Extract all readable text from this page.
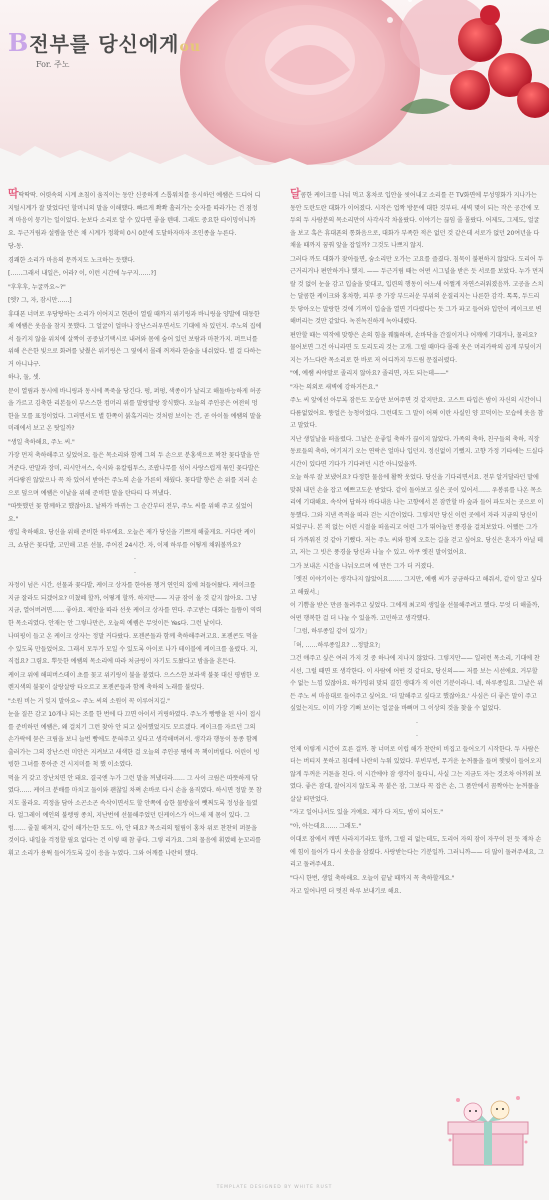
B전부를 당신에게ou
For. 주노

딱딱딱딱. 어렷속의 시계 초침이 움직이는 동안 신중하게 스톱워치를 응시하던 예쌤은 드디어 디지털시계가 잘 맞었다던 할머니의 말을 이해했다. 빠르게 쫙쫙 흘러가는 숫자를 따라가는 건 점정적 마음이 뭉기는 일이었다. 눈보다 소리로 알 수 있다면 좋을 텐데. 그래도 중요한 타이밍이니까요. 두근거림과 설렘을 안은 채 시계가 정확히 0시 0분에 도달하자마자 조인종을 누른다.

당-동.

경쾌한 소리가 마음의 문까지도 노크하는 듯했다.

[……그래서 내일은, 어라? 이, 이런 시간에 누구지……?]

"후후후, 누굴까요~?"

[엣? 그, 자, 잠시만……]

휴대폰 너머로 우당탕하는 소리가 이어지고 현관이 열릴 때까지 위키링과 바니링을 양발에 대동한 채 예쌤은 웃음을 참지 못했다. 그 얼굴이 얼마나 장난스러우면서도 기대에 차 있던지. 주노의 집에서 들키지 않을 위치에 살짝이 공중났기택시로 내려와 몸에 숨어 있던 보람과 마찬가지. 퍼트너를 위해 은은한 빛으로 화려를 낮췄은 위키링은 그 옆에서 몰래 꺼져라 한숨을 내쉬었다. 별 걸 다하는 거 아니냐구.

하나, 둘, 셋.

문이 열림과 동시에 바니링과 동시에 폭죽을 당긴다. 펑, 퍼펑, 색종이가 날리고 해돌바능하게 허공을 가르고 김축한 리본들이 부스스한 컴머리 위를 말랑말랑 장식했다. 오늘의 주인공은 여전히 멍한을 모를 표정이었다. 그러면서도 별 한쪽이 붉혹거리는 것처럼 보이는 건, 곧 아이돌 예쌤의 말을 미래에서 보고 온 탓일까?

"생일 축하해요, 주노 씨."

가장 먼저 축하해주고 싶었어요. 들은 목소리와 함께 그의 두 손으로 분홍색으로 꽉찬 꽃다발을 안겨준다. 딴말과 장미, 리시안셔스, 숙시와 유칼립투스, 조팝나무를 섞어 사랑스럽게 묶인 꽃다발은 커다랗진 않았으나 꼭 차 있어서 받아든 주노의 손을 가른히 채웠다. 꽃다발 향은 손 위를 지러 손으로 덮으며 예쌤은 이날을 위해 준비한 말을 탄타티 다 꺼냈다.

"따뜻했던 꽃 함께하고 했잖아요. 날짜가 바뀌는 그 순간부터 전부, 주노 씨를 위해 주고 싶었어요."

생일 축하해요. 당신을 위해 준비한 하루에요. 오늘은 제가 당신을 기쁘게 해줄게요. 커다란 케이크, 쇼담은 꽃다발, 고민해 고른 선물, 주어진 24시간. 자, 이제 하루를 어떻게 채워볼까요?

·

·

자정이 넘은 시간, 선물과 꽃다발, 케이크 상자를 한아름 챙겨 연인의 집에 쳐들어왔다. 케이크를 지금 잘라도 되겠어요? 미쳤혜 할까, 어떻게 할까. 하지만—— 지금 잠이 올 것 같지 않아요. 그냥 지금, 열어버려면…… 좋아요. 제안을 따라 선웃 케이크 상자를 연다. 주고받는 대화는 들뜸이 역력한 목소리였다. 안재는 안 그렇나만은, 오늘의 예쌤은 무엇이든 Yes다. 그런 날이다.

나떠핑이 들고 온 케이크 상자는 정말 커다랐다. 포젠콘돌과 함께 축하해주려고요. 포젠콘도 먹을 수 있도록 만들었어요. 그래서 모두가 모일 수 있도록 아이로 나가 테이블에 케이크를 올렸다. 지, 직접요? 그렴요. 뿌듯한 예쌤의 목소리에 따라 처금링이 자기도 도왔다고 밤을을 흔든다.

케이크 위에 해피버스데이 초를 꽂고 위키링이 불을 붙였다. 으스스한 보라색 불꽃 대신 평범한 오렌지색의 불꽃이 살랑살랑 타오르고 포젠콘들과 함께 축하의 노래를 불렀다.

"소원 비는 거 잊지 말아요~ 주노 씨의 소원이 꼭 이루어지길."

눈을 질끈 감고 10개나 되는 조를 한 번에 다 끄면 아이서 커링하였다. 주노가 빵빵을 된 사이 접시를 준비하던 예쌤은, 왜 걸치기 그런 찾아 안 되고 실어했었지도 모르겠다. 케이크를 자르던 그의 손가락에 묻은 크림을 보니 늘번 빵에도 문혀주고 싶다고 생각해버려서. 생각과 행동이 동종 함께 출러가는 그의 장난스런 미안은 지켜보고 새색한 걸 오늘의 주인공 땜에 꼭 책이버릴다. 어린이 빙빙한 그녀를 통아준 건 시지미를 척 했 이소였다.

먹을 거 갖고 장난치면 안 돼요. 결국엔 누가 그런 말을 꺼냈더라…… 그 사이 크림은 따뜻하게 닦였다…… 케이크 분배를 마치고 둘이와 괜찮일 차쪄 손바로 다시 손을 움직였다. 하시면 정말 못 참지도 몰라요. 격정을 담아 소곤소곤 속삭이면서도 할 안쪽에 습한 물방울이 뺏쩌도록 정성을 들였다. 얼그레이 예인의 불렝링 종치, 지난번에 선물해주었던 틴케이스가 어느새 제 몸이 있다. 그럼…… 줄칠 해져지, 같이 해가는한 도도. 아, 안 돼요? 목소리의 떨림이 홍차 위로 찬찬히 퍼묻을 것이다. 내일을 걱정할 필요 없다는 건 이렇 때 참 좋다. 그렇 리가요. 그의 물음에 휘였혜 눈꼬리를 휘고 소리가 용튁 들어가도록 깊이 응을 누였다. 그와 어깨를 나란히 했다.

달콤한 케이크를 나눠 먹고 홍차로 입안을 씻어내고 소리를 끈 TV화면에 무성영화가 지나가는 동안 도란도란 대화가 이어졌다. 시작은 업짝 방문에 대한 것부터. 새벽 몇이 되는 작은 공간에 모두의 두 사람분의 목소리만이 사각사각 차올랐다. 이야기는 끊임 줄 몰랐다. 어제도, 그제도, 얼굴을 보고 혹은 휴대폰의 통화음으로, 대화가 부족한 적은 없던 것 같은데 서로가 없던 20여년을 다 채울 때까지 꿈꿔 앞을 잡일까? 그것도 나쁘지 않지.

그러다 까도 대화가 잦아들면, 숨소리만 오가는 고요를 즐겼다. 침묵이 불편하지 않았다. 도리어 두근거리거나 편안하거나 했지. —— 두근거림 때는 어떤 시그널을 받은 듯 서로를 보았다. 누가 먼저랄 것 없이 눈을 감고 입술을 맞대고, 입련의 행동이 어느새 어쩔게 자연스러워졌음까. 고공을 스치는 달콤한 케이크와 홍차향, 피부 중 가장 부드러운 부위의 운질리지는 나른한 감각. 톡톡, 두드리듯 닿아오는 말랑한 것에 기꺼이 입술을 열면 기다렸다는 듯 그가 파고 들어와 입안이 케이크로 변해버리는 것만 같았다. 녹진녹진하게 녹아내렸다.

편안할 때는 역작에 맞향은 손의 힘을 꿰뚫하며, 손바닥을 간질이거나 어깨에 기대거나, 물러요? 물어보면 그건 아니라면 도 도리도리 것는 고개. 그럴 때마다 몰래 웃은 머리카락의 곱게 부딪이거지는 가느다란 목소리로 한 바로 저 어디까지 두드림 문질러렸다.

"예, 예쌤 씨야말로 졸리지 않아요? 졸리면, 자도 되는데——"

"자는 의외로 새벽에 강하거든요."

주노 씨 앞에선 아무록 잠든도 모습만 보여주면 것 같지만요. 고스트 타입은 밤이 자신의 시간이니 다름없었어요. 뚱얼은 능청이었다. 그런데도 그 말이 어쩌 이란 사실인 양 꼬덕이는 모습에 웃음 참고 말았다.

지난 생일날을 떠올렸다. 그날은 운좋일 축하가 끊이지 않았다. 가족의 축하, 친구들의 축하, 직장동료들의 축하, 여기저기 오는 연락은 얼마나 입던지. 정신없이 기뻤지. 고향 가정 기타에는 드실다 시간이 있다면 기다가 기다려던 시간 아니었을까.

오늘 하루 잘 보냈어요? 다정한 물음에 활짝 웃었다. 당신을 기다리면서요. 전부 알거달라던 말에 맞춰 내던 손을 잡고 예쁘고도운 받았다. 같이 돌아보고 싶은 곳이 있어서…… 우봉류를 나온 목소리에 기대해요. 속삭여 답하자 바다내음 나는 고향에서 본 잠깐할 바 숲과 들어 파도치는 곳으로 이동했다. 그와 지낸 즉적을 떠라 걷는 시간이었다. 그렇지만 당신 이런 곳에서 자라 지금의 당신이 되었구나. 본 적 없는 어린 시절을 떠올리고 어린 그가 뛰어놀던 풍경을 걸쳐보았다. 어쨌든 그가 더 가까워진 것 같아 기뻤다. 저는 주노 씨와 함께 오흐는 길을 걷고 싶어요. 당신은 혼자가 아닐 테고, 저는 그 빗은 풍경을 당신과 나눌 수 있고. 아쿠 엣진 말이었어요.

그가 보내온 시간을 나눠오르며 에 만든 그가 더 커졌다.

「엣진 이야기이는 생각나지 않았어요.…… 그지만, 예쌤 씨가 궁금하다고 해줘서, 같이 알고 싶다고 해줬서.」

이 기쁨을 받은 만큼 돌려주고 싶었다. 그에게 최고의 생일을 선물해주려고 했다. 무엇 더 해줄까, 어떤 행복한 걸 더 나눌 수 있을까. 고민하고 생각했다.

「그럼, 하루종일 같이 있기?」

「허, ……하루종일요? …정말요?」

그건 얘주고 싶은 여러 가지 것 중 하나에 지나지 않았다. 그렇지만—— 일러런 목소리, 기대에 찬 시선, 그럴 때면 또 생각한다. 이 사람에 어떤 것 같더요, 당신의—— 저를 보는 시선에요. 거부할 수 없는 느낌 있잖아요. 하가밍위 맞되 결힌 생대가 직 이런 기분이라니. 네, 하루종일요. 그날은 위든 주노 씨 마음대로 들어주고 싶어요. '더 말해주고 싶다고 했잖아요.' 사심은 더 좋은 말이 주고 싶었는지도. 이미 가장 기뻐 보이는 얼굴을 바뻐며 그 이상의 것을 찾을 수 없었다.

·

·

언제 이렇게 시간이 흐른 걸까. 창 너머로 이럽 해가 찬란히 비집고 들어오기 시작한다. 두 사람은 더는 버티지 못하고 침대에 나란히 누워 있었다. 부빈부빈, 무거운 눈꺼풀을 들며 햇빛이 들어오지 않게 두꺼운 커튼을 친다. 이 시간에야 잠 생각이 들다니, 사실 그는 지금도 자는 것조차 아까워 보였다. 좋은 잠대, 잘어지지 않도록 꼭 붙은 잠, 그보다 꼭 잡은 손, 그 품안에서 꼼짝아는 눈꺼풀을 살살 떠만었다.

"자고 일어나서도 있을 거예요. 제가 다 저도, 밤이 되어도."

"아, 아는데요…… 그래도."

이대로 잠에서 깨면 사라지기라도 할까, 그럴 리 없는데도, 도리어 자의 잠이 자꾸이 된 듯 재차 손에 힘이 들어가 다시 웃음을 삼켰다. 사랑받는다는 기분일까. 그러니까—— 더 많이 돌려주세요, 그리고 돌려주세요.

"다시 한번, 생일 축하해요. 오늘이 끝날 때까지 꼭 축하할게요."

자고 일어나면 더 멋진 하루 보내기로 해요.

TEMPLATE DESIGNED BY WHITE RUST
